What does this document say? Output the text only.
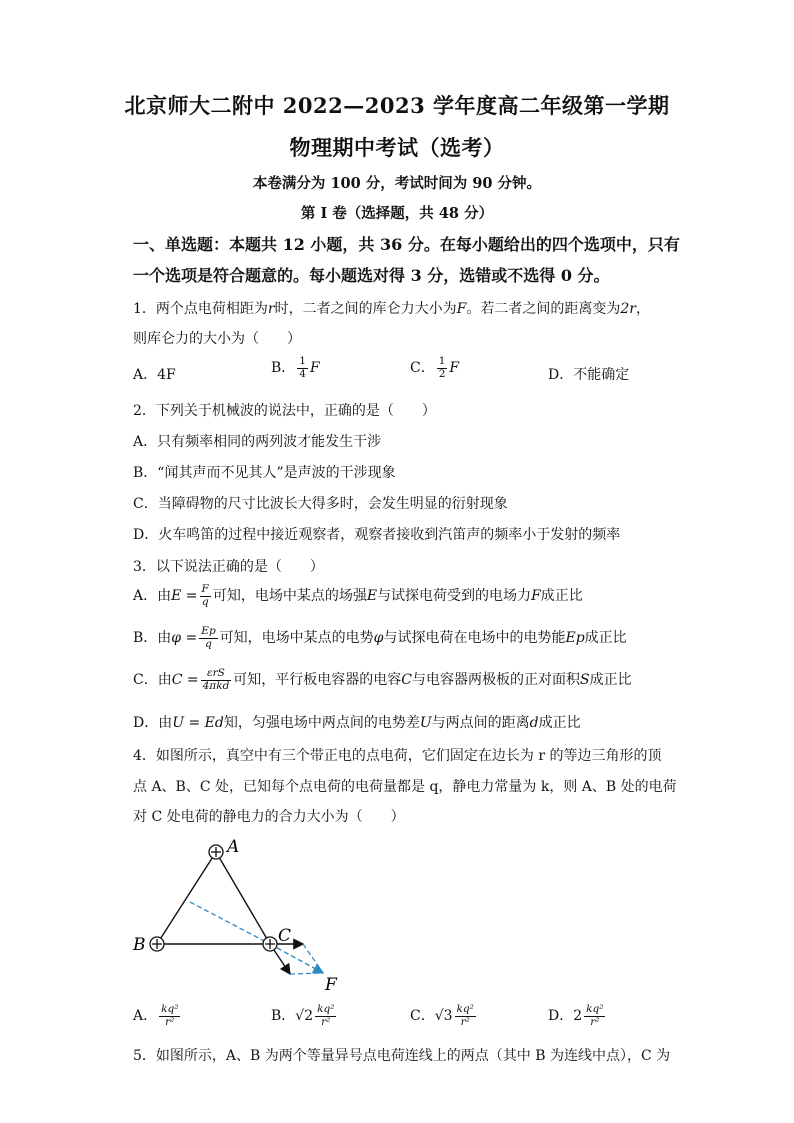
北京师大二附中 2022—2023 学年度高二年级第一学期
物理期中考试（选考）
本卷满分为 100 分，考试时间为 90 分钟。
第 I 卷（选择题，共 48 分）
一、单选题：本题共 12 小题，共 36 分。在每小题给出的四个选项中，只有
一个选项是符合题意的。每小题选对得 3 分，选错或不选得 0 分。
1．两个点电荷相距为r时，二者之间的库仑力大小为F。若二者之间的距离变为2r，
则库仑力的大小为（　　）
A．4F	B． $\frac{1}{4}$ F	C． $\frac{1}{2}$ F	D．不能确定
2．下列关于机械波的说法中，正确的是（　　）
A．只有频率相同的两列波才能发生干涉
B．“闻其声而不见其人”是声波的干涉现象
C．当障碍物的尺寸比波长大得多时，会发生明显的衍射现象
D．火车鸣笛的过程中接近观察者，观察者接收到汽笛声的频率小于发射的频率
3．以下说法正确的是（　　）
A．由$E = \frac{F}{q}$ 可知，电场中某点的场强E与试探电荷受到的电场力F成正比
B．由$\varphi = \frac{Ep}{q}$ 可知，电场中某点的电势φ与试探电荷在电场中的电势能Ep成正比
C．由$C = \frac{\text{εrS}}{\text{4πkd}}$ 可知，平行板电容器的电容C与电容器两极板的正对面积S成正比
D．由U = Ed知，匀强电场中两点间的电势差U与两点间的距离d成正比
4．如图所示，真空中有三个带正电的点电荷，它们固定在边长为 r 的等边三角形的顶
点 A、B、C 处，已知每个点电荷的电荷量都是 q，静电力常量为 k，则 A、B 处的电荷
对 C 处电荷的静电力的合力大小为（　　）
A
B	C
F
A． $\frac{\text{kq²}}{\text{r²}}$	B．$√2 \frac{\text{kq²}}{\text{r²}}$	C．$√3 \frac{\text{kq²}}{\text{r²}}$	D．$2 \frac{\text{kq²}}{\text{r²}}$
5．如图所示，A、B 为两个等量异号点电荷连线上的两点（其中 B 为连线中点），C 为
